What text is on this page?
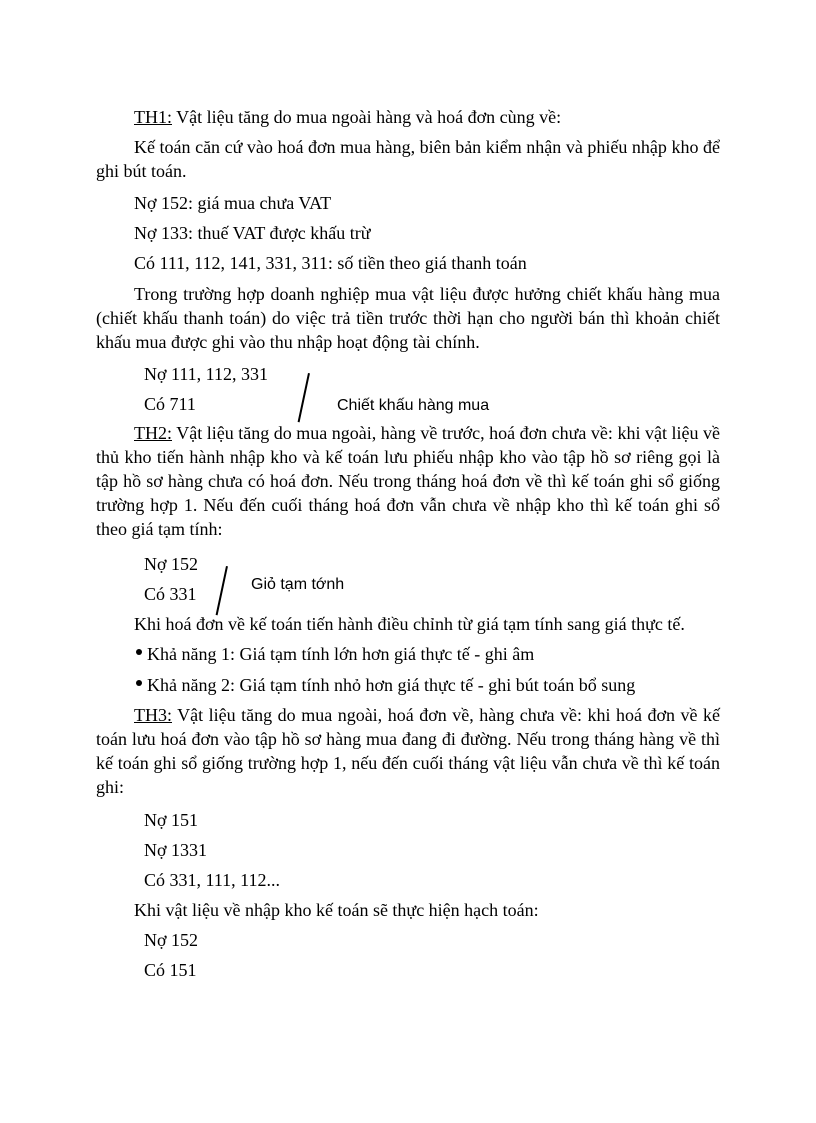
TH1: Vật liệu tăng do mua ngoài hàng và hoá đơn cùng về:
Kế toán căn cứ vào hoá đơn mua hàng, biên bản kiểm nhận và phiếu nhập kho để ghi bút toán.
Nợ 152: giá mua chưa VAT
Nợ 133: thuế VAT được khấu trừ
Có 111, 112, 141, 331, 311: số tiền theo giá thanh toán
Trong trường hợp doanh nghiệp mua vật liệu được hưởng chiết khấu hàng mua (chiết khấu thanh toán) do việc trả tiền trước thời hạn cho người bán thì khoản chiết khấu mua được ghi vào thu nhập hoạt động tài chính.
Nợ 111, 112, 331
Có 711	Chiết khấu hàng mua
TH2: Vật liệu tăng do mua ngoài, hàng về trước, hoá đơn chưa về: khi vật liệu về thủ kho tiến hành nhập kho và kế toán lưu phiếu nhập kho vào tập hồ sơ riêng gọi là tập hồ sơ hàng chưa có hoá đơn. Nếu trong tháng hoá đơn về thì kế toán ghi sổ giống trường hợp 1. Nếu đến cuối tháng hoá đơn vẫn chưa về nhập kho thì kế toán ghi sổ theo giá tạm tính:
Nợ 152
Có 331	Giỏ tạm tớnh
Khi hoá đơn về kế toán tiến hành điều chỉnh từ giá tạm tính sang giá thực tế.
Khả năng 1: Giá tạm tính lớn hơn giá thực tế - ghi âm
Khả năng 2: Giá tạm tính nhỏ hơn giá thực tế - ghi bút toán bổ sung
TH3: Vật liệu tăng do mua ngoài, hoá đơn về, hàng chưa về: khi hoá đơn về kế toán lưu hoá đơn vào tập hồ sơ hàng mua đang đi đường. Nếu trong tháng hàng về thì kế toán ghi sổ giống trường hợp 1, nếu đến cuối tháng vật liệu vẫn chưa về thì kế toán ghi:
Nợ 151
Nợ 1331
Có 331, 111, 112...
Khi vật liệu về nhập kho kế toán sẽ thực hiện hạch toán:
Nợ 152
Có 151
